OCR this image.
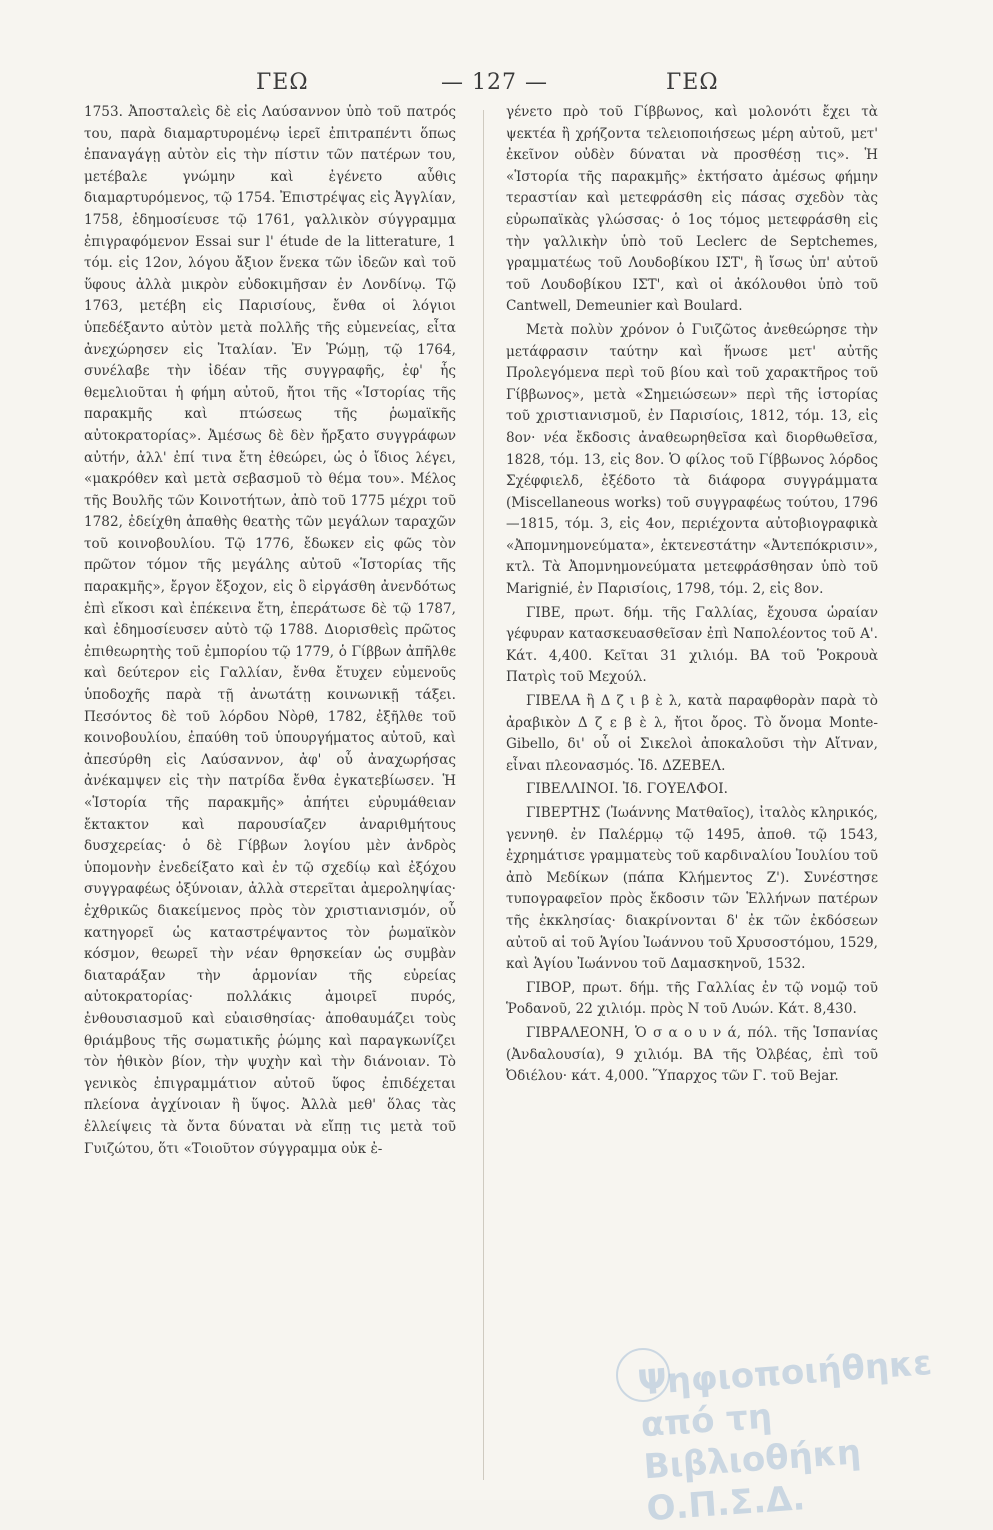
ΓΕΩ	— 127 —	ΓΕΩ

1753. Ἀποσταλεὶς δὲ εἰς Λαύσαννον ὑπὸ τοῦ πατρός του, παρὰ διαμαρτυρομένῳ ἱερεῖ ἐπιτραπέντι ὅπως ἐπαναγάγῃ αὐτὸν εἰς τὴν πίστιν τῶν πατέρων του, μετέβαλε γνώμην καὶ ἐγένετο αὖθις διαμαρτυρόμενος, τῷ 1754. Ἐπιστρέψας εἰς Ἀγγλίαν, 1758, ἐδημοσίευσε τῷ 1761, γαλλικὸν σύγγραμμα ἐπιγραφόμενον Essai sur l' étude de la litterature, 1 τόμ. εἰς 12ον, λόγου ἄξιον ἕνεκα τῶν ἰδεῶν καὶ τοῦ ὕφους ἀλλὰ μικρὸν εὐδοκιμῆσαν ἐν Λονδίνῳ. Τῷ 1763, μετέβη εἰς Παρισίους, ἔνθα οἱ λόγιοι ὑπεδέξαντο αὐτὸν μετὰ πολλῆς τῆς εὐμενείας, εἶτα ἀνεχώρησεν εἰς Ἰταλίαν. Ἐν Ῥώμῃ, τῷ 1764, συνέλαβε τὴν ἰδέαν τῆς συγγραφῆς, ἐφ' ἧς θεμελιοῦται ἡ φήμη αὐτοῦ, ἤτοι τῆς «Ἱστορίας τῆς παρακμῆς καὶ πτώσεως τῆς ῥωμαϊκῆς αὐτοκρατορίας». Ἀμέσως δὲ δὲν ἤρξατο συγγράφων αὐτήν, ἀλλ' ἐπί τινα ἔτη ἐθεώρει, ὡς ὁ ἴδιος λέγει, «μακρόθεν καὶ μετὰ σεβασμοῦ τὸ θέμα του». Μέλος τῆς Βουλῆς τῶν Κοινοτήτων, ἀπὸ τοῦ 1775 μέχρι τοῦ 1782, ἐδείχθη ἀπαθὴς θεατὴς τῶν μεγάλων ταραχῶν τοῦ κοινοβουλίου. Τῷ 1776, ἔδωκεν εἰς φῶς τὸν πρῶτον τόμον τῆς μεγάλης αὐτοῦ «Ἱστορίας τῆς παρακμῆς», ἔργον ἔξοχον, εἰς ὃ εἰργάσθη ἀνενδότως ἐπὶ εἴκοσι καὶ ἐπέκεινα ἔτη, ἐπεράτωσε δὲ τῷ 1787, καὶ ἐδημοσίευσεν αὐτὸ τῷ 1788. Διορισθεὶς πρῶτος ἐπιθεωρητὴς τοῦ ἐμπορίου τῷ 1779, ὁ Γίββων ἀπῆλθε καὶ δεύτερον εἰς Γαλλίαν, ἔνθα ἔτυχεν εὐμενοῦς ὑποδοχῆς παρὰ τῇ ἀνωτάτῃ κοινωνικῇ τάξει. Πεσόντος δὲ τοῦ λόρδου Νὸρθ, 1782, ἐξῆλθε τοῦ κοινοβουλίου, ἐπαύθη τοῦ ὑπουργήματος αὐτοῦ, καὶ ἀπεσύρθη εἰς Λαύσαννον, ἀφ' οὗ ἀναχωρήσας ἀνέκαμψεν εἰς τὴν πατρίδα ἔνθα ἐγκατεβίωσεν. Ἡ «Ἱστορία τῆς παρακμῆς» ἀπήτει εὐρυμάθειαν ἔκτακτον καὶ παρουσίαζεν ἀναριθμήτους δυσχερείας· ὁ δὲ Γίββων λογίου μὲν ἀνδρὸς ὑπομονὴν ἐνεδείξατο καὶ ἐν τῷ σχεδίῳ καὶ ἐξόχου συγγραφέως ὀξύνοιαν, ἀλλὰ στερεῖται ἀμεροληψίας· ἐχθρικῶς διακείμενος πρὸς τὸν χριστιανισμόν, οὗ κατηγορεῖ ὡς καταστρέψαντος τὸν ῥωμαϊκὸν κόσμον, θεωρεῖ τὴν νέαν θρησκείαν ὡς συμβὰν διαταράξαν τὴν ἁρμονίαν τῆς εὐρείας αὐτοκρατορίας· πολλάκις ἀμοιρεῖ πυρός, ἐνθουσιασμοῦ καὶ εὐαισθησίας· ἀποθαυμάζει τοὺς θριάμβους τῆς σωματικῆς ῥώμης καὶ παραγκωνίζει τὸν ἠθικὸν βίον, τὴν ψυχὴν καὶ τὴν διάνοιαν. Τὸ γενικὸς ἐπιγραμμάτιον αὐτοῦ ὕφος ἐπιδέχεται πλείονα ἀγχίνοιαν ἢ ὕψος. Ἀλλὰ μεθ' ὅλας τὰς ἐλλείψεις τὰ ὄντα δύναται νὰ εἴπῃ τις μετὰ τοῦ Γυιζώτου, ὅτι «Τοιοῦτον σύγγραμμα οὐκ ἐ-

γένετο πρὸ τοῦ Γίββωνος, καὶ μολονότι ἔχει τὰ ψεκτέα ἢ χρήζοντα τελειοποιήσεως μέρη αὐτοῦ, μετ' ἐκεῖνον οὐδὲν δύναται νὰ προσθέσῃ τις». Ἡ «Ἱστορία τῆς παρακμῆς» ἐκτήσατο ἀμέσως φήμην τεραστίαν καὶ μετεφράσθη εἰς πάσας σχεδὸν τὰς εὐρωπαϊκὰς γλώσσας· ὁ 1ος τόμος μετεφράσθη εἰς τὴν γαλλικὴν ὑπὸ τοῦ Leclerc de Septchemes, γραμματέως τοῦ Λουδοβίκου ΙΣΤ', ἢ ἴσως ὑπ' αὐτοῦ τοῦ Λουδοβίκου ΙΣΤ', καὶ οἱ ἀκόλουθοι ὑπὸ τοῦ Cantwell, Demeunier καὶ Boulard.

Μετὰ πολὺν χρόνον ὁ Γυιζῶτος ἀνεθεώρησε τὴν μετάφρασιν ταύτην καὶ ἥνωσε μετ' αὐτῆς Προλεγόμενα περὶ τοῦ βίου καὶ τοῦ χαρακτῆρος τοῦ Γίββωνος», μετὰ «Σημειώσεων» περὶ τῆς ἱστορίας τοῦ χριστιανισμοῦ, ἐν Παρισίοις, 1812, τόμ. 13, εἰς 8ον· νέα ἔκδοσις ἀναθεωρηθεῖσα καὶ διορθωθεῖσα, 1828, τόμ. 13, εἰς 8ον. Ὁ φίλος τοῦ Γίββωνος λόρδος Σχέφφιελδ, ἐξέδοτο τὰ διάφορα συγγράμματα (Miscellaneous works) τοῦ συγγραφέως τούτου, 1796—1815, τόμ. 3, εἰς 4ον, περιέχοντα αὐτοβιογραφικὰ «Ἀπομνημονεύματα», ἐκτενεστάτην «Ἀντεπόκρισιν», κτλ. Τὰ Ἀπομνημονεύματα μετεφράσθησαν ὑπὸ τοῦ Marignié, ἐν Παρισίοις, 1798, τόμ. 2, εἰς 8ον.

ΓΙΒΕ, πρωτ. δήμ. τῆς Γαλλίας, ἔχουσα ὡραίαν γέφυραν κατασκευασθεῖσαν ἐπὶ Ναπολέοντος τοῦ Α'. Κάτ. 4,400. Κεῖται 31 χιλιόμ. ΒΑ τοῦ Ῥοκρουὰ Πατρὶς τοῦ Μεχούλ.

ΓΙΒΕΛΑ ἢ Δ ζ ι β ὲ λ, κατὰ παραφθορὰν παρὰ τὸ ἀραβικὸν Δ ζ ε β ὲ λ, ἤτοι ὄρος. Τὸ ὄνομα Monte-Gibello, δι' οὗ οἱ Σικελοὶ ἀποκαλοῦσι τὴν Αἴτναν, εἶναι πλεονασμός. Ἰδ. ΔΖΕΒΕΛ.

ΓΙΒΕΛΛΙΝΟΙ. Ἰδ. ΓΟΥΕΛΦΟΙ.

ΓΙΒΕΡΤΗΣ (Ἰωάννης Ματθαῖος), ἰταλὸς κληρικός, γεννηθ. ἐν Παλέρμῳ τῷ 1495, ἀποθ. τῷ 1543, ἐχρημάτισε γραμματεὺς τοῦ καρδιναλίου Ἰουλίου τοῦ ἀπὸ Μεδίκων (πάπα Κλήμεντος Ζ'). Συνέστησε τυπογραφεῖον πρὸς ἔκδοσιν τῶν Ἑλλήνων πατέρων τῆς ἐκκλησίας· διακρίνονται δ' ἐκ τῶν ἐκδόσεων αὐτοῦ αἱ τοῦ Ἁγίου Ἰωάννου τοῦ Χρυσοστόμου, 1529, καὶ Ἁγίου Ἰωάννου τοῦ Δαμασκηνοῦ, 1532.

ΓΙΒΟΡ, πρωτ. δήμ. τῆς Γαλλίας ἐν τῷ νομῷ τοῦ Ῥοδανοῦ, 22 χιλιόμ. πρὸς Ν τοῦ Λυών. Κάτ. 8,430.

ΓΙΒΡΑΛΕΟΝΗ, Ὁ σ α ο υ ν ά, πόλ. τῆς Ἱσπανίας (Ἀνδαλουσία), 9 χιλιόμ. ΒΑ τῆς Ὀλβέας, ἐπὶ τοῦ Ὀδιέλου· κάτ. 4,000. Ὕπαρχος τῶν Γ. τοῦ Bejar.

Ψηφιοποιήθηκε από τη Βιβλιοθήκη Ο.Π.Σ.Δ.
